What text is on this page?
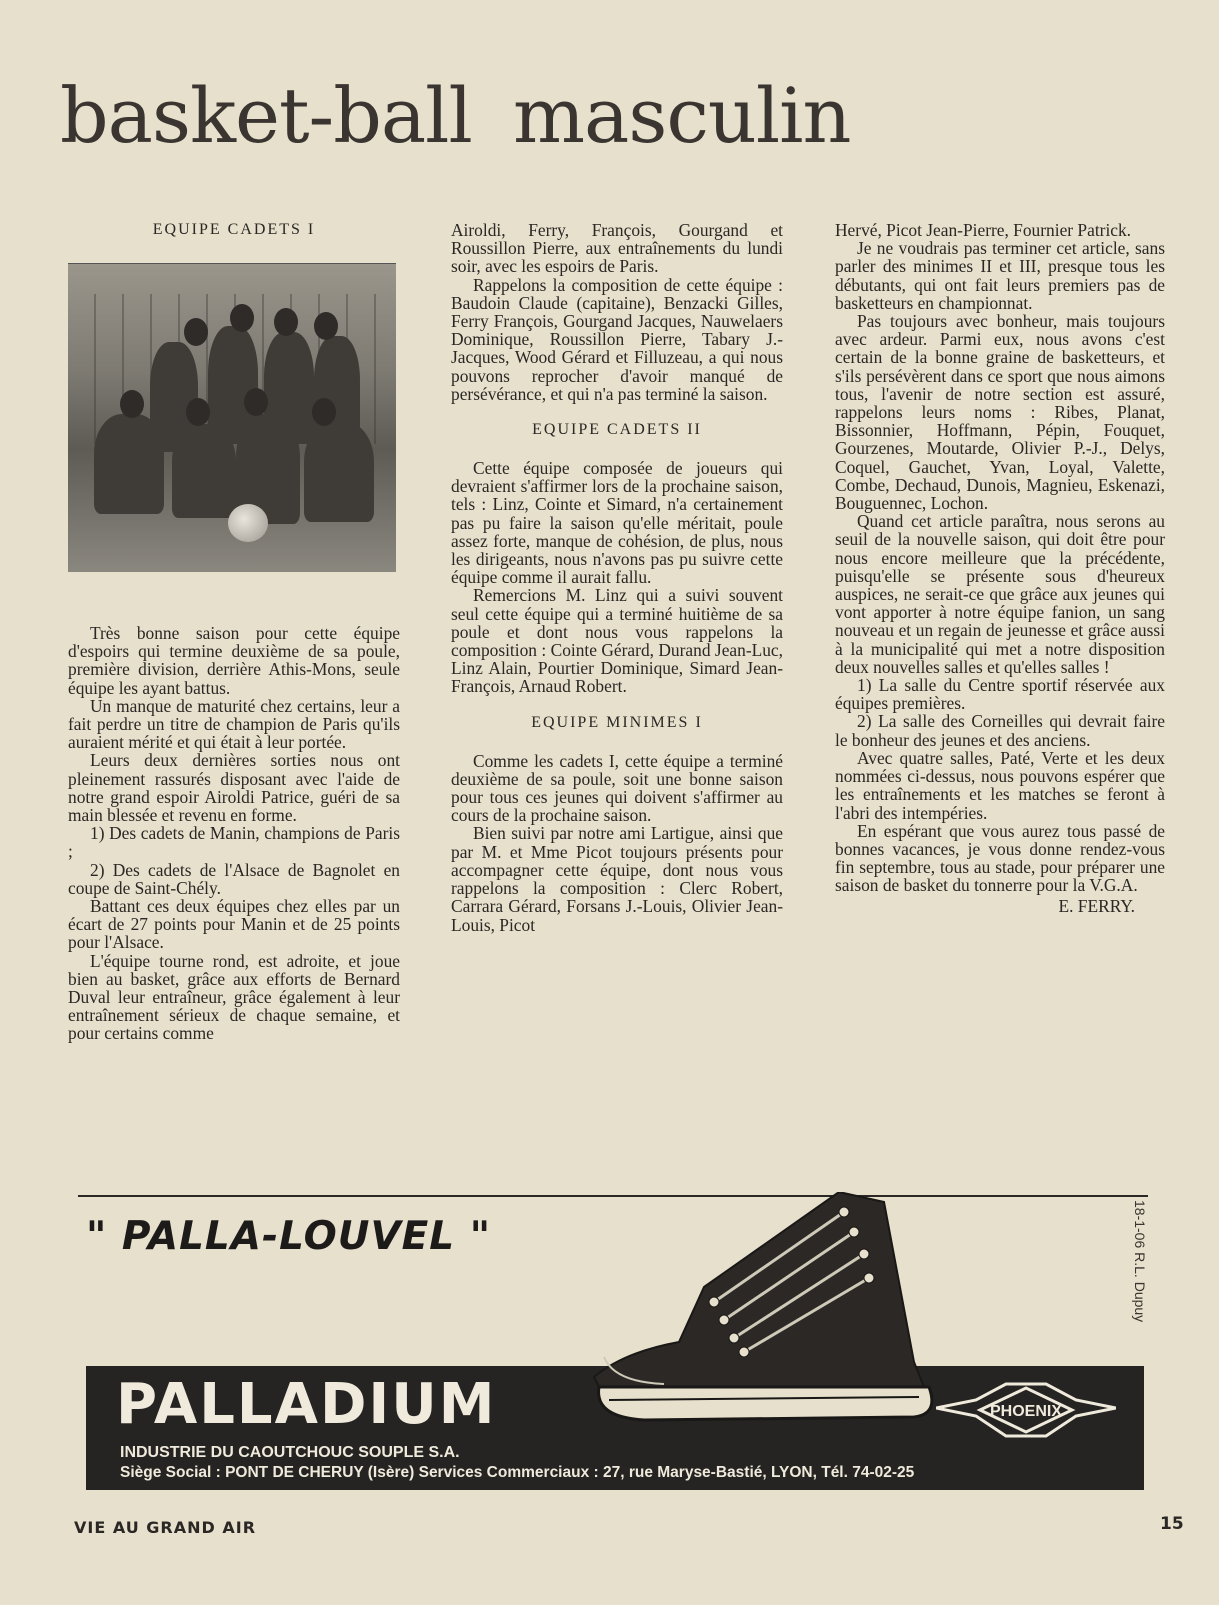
basket-ball masculin
EQUIPE CADETS I

Très bonne saison pour cette équipe d'espoirs qui termine deuxième de sa poule, première division, derrière Athis-Mons, seule équipe les ayant battus.

Un manque de maturité chez certains, leur a fait perdre un titre de champion de Paris qu'ils auraient mérité et qui était à leur portée.

Leurs deux dernières sorties nous ont pleinement rassurés disposant avec l'aide de notre grand espoir Airoldi Patrice, guéri de sa main blessée et revenu en forme.

1) Des cadets de Manin, champions de Paris ;

2) Des cadets de l'Alsace de Bagnolet en coupe de Saint-Chély.

Battant ces deux équipes chez elles par un écart de 27 points pour Manin et de 25 points pour l'Alsace.

L'équipe tourne rond, est adroite, et joue bien au basket, grâce aux efforts de Bernard Duval leur entraîneur, grâce également à leur entraînement sérieux de chaque semaine, et pour certains comme

Airoldi, Ferry, François, Gourgand et Roussillon Pierre, aux entraînements du lundi soir, avec les espoirs de Paris.

Rappelons la composition de cette équipe : Baudoin Claude (capitaine), Benzacki Gilles, Ferry François, Gourgand Jacques, Nauwelaers Dominique, Roussillon Pierre, Tabary J.-Jacques, Wood Gérard et Filluzeau, a qui nous pouvons reprocher d'avoir manqué de persévérance, et qui n'a pas terminé la saison.

EQUIPE CADETS II

Cette équipe composée de joueurs qui devraient s'affirmer lors de la prochaine saison, tels : Linz, Cointe et Simard, n'a certainement pas pu faire la saison qu'elle méritait, poule assez forte, manque de cohésion, de plus, nous les dirigeants, nous n'avons pas pu suivre cette équipe comme il aurait fallu.

Remercions M. Linz qui a suivi souvent seul cette équipe qui a terminé huitième de sa poule et dont nous vous rappelons la composition : Cointe Gérard, Durand Jean-Luc, Linz Alain, Pourtier Dominique, Simard Jean-François, Arnaud Robert.

EQUIPE MINIMES I

Comme les cadets I, cette équipe a terminé deuxième de sa poule, soit une bonne saison pour tous ces jeunes qui doivent s'affirmer au cours de la prochaine saison.

Bien suivi par notre ami Lartigue, ainsi que par M. et Mme Picot toujours présents pour accompagner cette équipe, dont nous vous rappelons la composition : Clerc Robert, Carrara Gérard, Forsans J.-Louis, Olivier Jean-Louis, Picot

Hervé, Picot Jean-Pierre, Fournier Patrick.

Je ne voudrais pas terminer cet article, sans parler des minimes II et III, presque tous les débutants, qui ont fait leurs premiers pas de basketteurs en championnat.

Pas toujours avec bonheur, mais toujours avec ardeur. Parmi eux, nous avons c'est certain de la bonne graine de basketteurs, et s'ils persévèrent dans ce sport que nous aimons tous, l'avenir de notre section est assuré, rappelons leurs noms : Ribes, Planat, Bissonnier, Hoffmann, Pépin, Fouquet, Gourzenes, Moutarde, Olivier P.-J., Delys, Coquel, Gauchet, Yvan, Loyal, Valette, Combe, Dechaud, Dunois, Magnieu, Eskenazi, Bouguennec, Lochon.

Quand cet article paraîtra, nous serons au seuil de la nouvelle saison, qui doit être pour nous encore meilleure que la précédente, puisqu'elle se présente sous d'heureux auspices, ne serait-ce que grâce aux jeunes qui vont apporter à notre équipe fanion, un sang nouveau et un regain de jeunesse et grâce aussi à la municipalité qui met a notre disposition deux nouvelles salles et qu'elles salles !

1) La salle du Centre sportif réservée aux équipes premières.

2) La salle des Corneilles qui devrait faire le bonheur des jeunes et des anciens.

Avec quatre salles, Paté, Verte et les deux nommées ci-dessus, nous pouvons espérer que les entraînements et les matches se feront à l'abri des intempéries.

En espérant que vous aurez tous passé de bonnes vacances, je vous donne rendez-vous fin septembre, tous au stade, pour préparer une saison de basket du tonnerre pour la V.G.A.

E. FERRY.

" PALLA-LOUVEL "	18-1-06 R.L. Dupuy
PALLADIUM
INDUSTRIE DU CAOUTCHOUC SOUPLE S.A.
Siège Social : PONT DE CHERUY (Isère) Services Commerciaux : 27, rue Maryse-Bastié, LYON, Tél. 74-02-25
PHOENIX
VIE AU GRAND AIR	15
